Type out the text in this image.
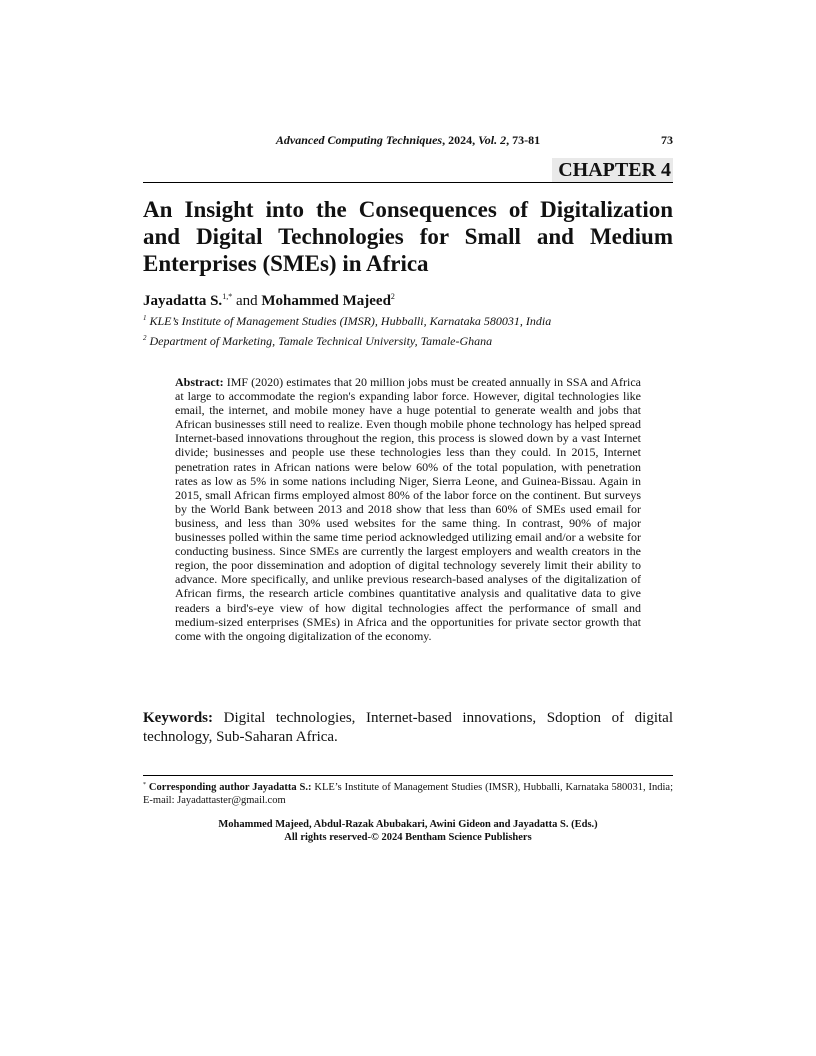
Advanced Computing Techniques, 2024, Vol. 2, 73-81	73
CHAPTER 4
An Insight into the Consequences of Digitalization and Digital Technologies for Small and Medium Enterprises (SMEs) in Africa
Jayadatta S.$^{1,*}$ and Mohammed Majeed$^2$
$^1$ KLE’s Institute of Management Studies (IMSR), Hubballi, Karnataka 580031, India
$^2$ Department of Marketing, Tamale Technical University, Tamale-Ghana

Abstract: IMF (2020) estimates that 20 million jobs must be created annually in SSA and Africa at large to accommodate the region's expanding labor force. However, digital technologies like email, the internet, and mobile money have a huge potential to generate wealth and jobs that African businesses still need to realize. Even though mobile phone technology has helped spread Internet-based innovations throughout the region, this process is slowed down by a vast Internet divide; businesses and people use these technologies less than they could. In 2015, Internet penetration rates in African nations were below 60% of the total population, with penetration rates as low as 5% in some nations including Niger, Sierra Leone, and Guinea-Bissau. Again in 2015, small African firms employed almost 80% of the labor force on the continent. But surveys by the World Bank between 2013 and 2018 show that less than 60% of SMEs used email for business, and less than 30% used websites for the same thing. In contrast, 90% of major businesses polled within the same time period acknowledged utilizing email and/or a website for conducting business. Since SMEs are currently the largest employers and wealth creators in the region, the poor dissemination and adoption of digital technology severely limit their ability to advance. More specifically, and unlike previous research-based analyses of the digitalization of African firms, the research article combines quantitative analysis and qualitative data to give readers a bird's-eye view of how digital technologies affect the performance of small and medium-sized enterprises (SMEs) in Africa and the opportunities for private sector growth that come with the ongoing digitalization of the economy.

Keywords: Digital technologies, Internet-based innovations, Sdoption of digital technology, Sub-Saharan Africa.

* Corresponding author Jayadatta S.: KLE’s Institute of Management Studies (IMSR), Hubballi, Karnataka 580031, India; E-mail: Jayadattaster@gmail.com

Mohammed Majeed, Abdul-Razak Abubakari, Awini Gideon and Jayadatta S. (Eds.)
All rights reserved-© 2024 Bentham Science Publishers
